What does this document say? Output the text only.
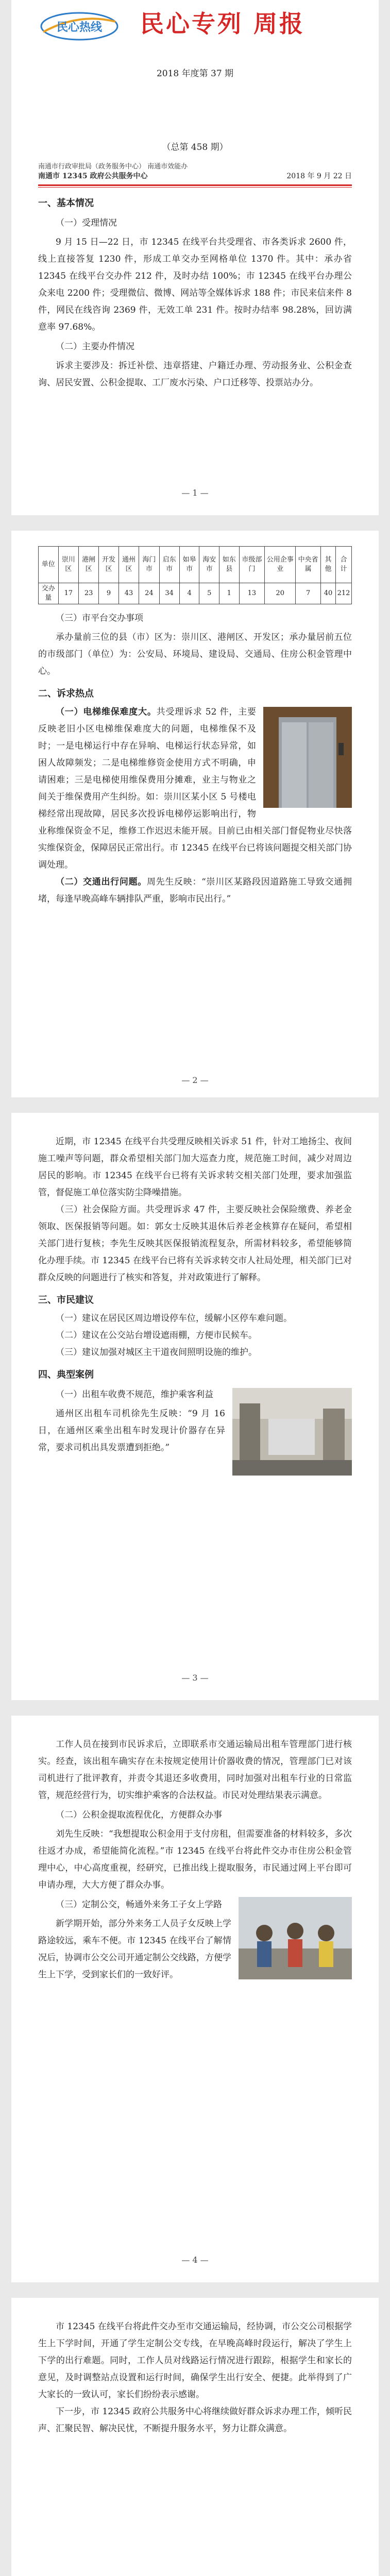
民心热线 民心专列 周报
2018 年度第 37 期
（总第 458 期）
南通市行政审批局（政务服务中心） 南通市效能办
南通市 12345 政府公共服务中心	2018 年 9 月 22 日
一、基本情况
（一）受理情况

9 月 15 日—22 日，市 12345 在线平台共受理省、市各类诉求 2600 件，线上直接答复 1230 件，形成工单交办至网格单位 1370 件。其中：承办省 12345 在线平台交办件 212 件，及时办结 100%；市 12345 在线平台办理公众来电 2200 件；受理微信、微博、网站等全媒体诉求 188 件；市民来信来件 8 件，网民在线咨询 2369 件，无效工单 231 件。按时办结率 98.28%，回访满意率 97.68%。

（二）主要办件情况

诉求主要涉及：拆迁补偿、违章搭建、户籍迁办理、劳动报务业、公积金查询、居民安置、公积金提取、工厂废水污染、户口迁移等、投票站办分。

— 1 —
单位	崇川区	港闸区	开发区	通州区	海门市	启东市	如皋市	海安市	如东县	市级部门	公用企事业	中央省属	其他	合计
交办量	17	23	9	43	24	34	4	5	1	13	20	7	40	212
（三）市平台交办事项

承办量前三位的县（市）区为：崇川区、港闸区、开发区；承办量居前五位的市级部门（单位）为：公安局、环境局、建设局、交通局、住房公积金管理中心。

二、诉求热点

（一）电梯维保难度大。共受理诉求 52 件，主要反映老旧小区电梯维保难度大的问题，电梯维保不及时；一是电梯运行中存在异响、电梯运行状态异常，如困人故障频发；二是电梯维修资金使用方式不明确，申请困难；三是电梯使用维保费用分摊难，业主与物业之间关于维保费用产生纠纷。如：崇川区某小区 5 号楼电梯经常出现故障，居民多次投诉电梯停运影响出行，物业称维保资金不足，维修工作迟迟未能开展。目前已由相关部门督促物业尽快落实维保资金，保障居民正常出行。市 12345 在线平台已将该问题提交相关部门协调处理。

（二）交通出行问题。周先生反映：“崇川区某路段因道路施工导致交通拥堵，每逢早晚高峰车辆排队严重，影响市民出行。”

— 2 —

近期，市 12345 在线平台共受理反映相关诉求 51 件，针对工地扬尘、夜间施工噪声等问题，群众希望相关部门加大巡查力度，规范施工时间，减少对周边居民的影响。市 12345 在线平台已将有关诉求转交相关部门处理，要求加强监管，督促施工单位落实防尘降噪措施。

（三）社会保险方面。共受理诉求 47 件，主要反映社会保险缴费、养老金领取、医保报销等问题。如：郭女士反映其退休后养老金核算存在疑问，希望相关部门进行复核；李先生反映其医保报销流程复杂，所需材料较多，希望能够简化办理手续。市 12345 在线平台已将有关诉求转交市人社局处理，相关部门已对群众反映的问题进行了核实和答复，并对政策进行了解释。

三、市民建议

（一）建议在居民区周边增设停车位，缓解小区停车难问题。

（二）建议在公交站台增设遮雨棚，方便市民候车。

（三）建议加强对城区主干道夜间照明设施的维护。

四、典型案例
（一）出租车收费不规范，维护乘客利益

通州区出租车司机徐先生反映：“9 月 16 日，在通州区乘坐出租车时发现计价器存在异常，要求司机出具发票遭到拒绝。”

— 3 —

工作人员在接到市民诉求后，立即联系市交通运输局出租车管理部门进行核实。经查，该出租车确实存在未按规定使用计价器收费的情况，管理部门已对该司机进行了批评教育，并责令其退还多收费用，同时加强对出租车行业的日常监管，规范经营行为，切实维护乘客的合法权益。市民对处理结果表示满意。

（二）公积金提取流程优化，方便群众办事

刘先生反映：“我想提取公积金用于支付房租，但需要准备的材料较多，多次往返才办成，希望能简化流程。”市 12345 在线平台将此件交办市住房公积金管理中心，中心高度重视，经研究，已推出线上提取服务，市民通过网上平台即可申请办理，大大方便了群众办事。

（三）定制公交，畅通外来务工子女上学路

新学期开始，部分外来务工人员子女反映上学路途较远，乘车不便。市 12345 在线平台了解情况后，协调市公交公司开通定制公交线路，方便学生上下学，受到家长们的一致好评。

— 4 —

市 12345 在线平台将此件交办至市交通运输局，经协调，市公交公司根据学生上下学时间，开通了学生定制公交专线，在早晚高峰时段运行，解决了学生上下学的出行难题。同时，工作人员对线路运行情况进行跟踪，根据学生和家长的意见，及时调整站点设置和运行时间，确保学生出行安全、便捷。此举得到了广大家长的一致认可，家长们纷纷表示感谢。

下一步，市 12345 政府公共服务中心将继续做好群众诉求办理工作，倾听民声、汇聚民智、解决民忧，不断提升服务水平，努力让群众满意。
